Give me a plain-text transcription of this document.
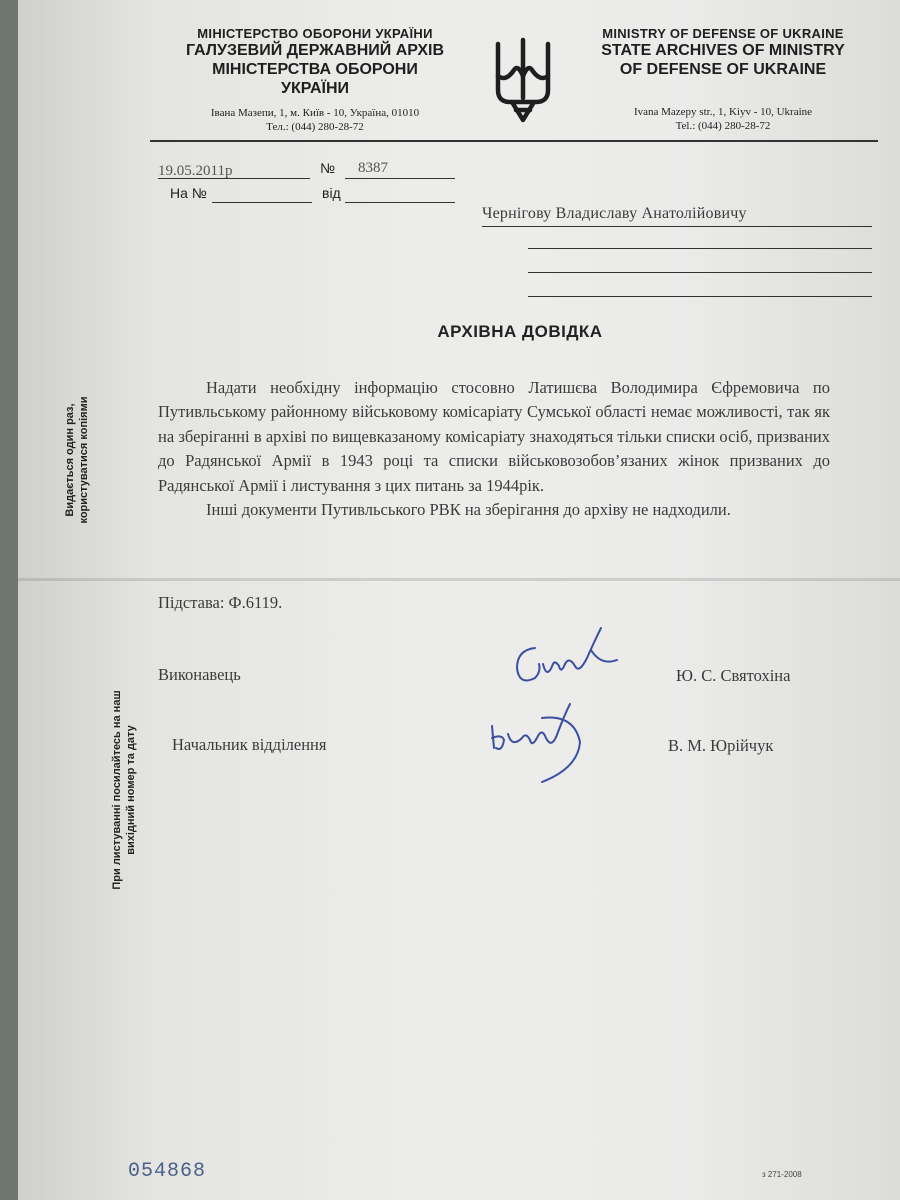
МІНІСТЕРСТВО ОБОРОНИ УКРАЇНИ
ГАЛУЗЕВИЙ ДЕРЖАВНИЙ АРХІВ
МІНІСТЕРСТВА ОБОРОНИ
УКРАЇНИ
Івана Мазепи, 1, м. Київ - 10, Україна, 01010
Тел.: (044) 280-28-72
MINISTRY OF DEFENSE OF UKRAINE
STATE ARCHIVES OF MINISTRY
OF DEFENSE OF UKRAINE
Ivana Mazepy str., 1, Kiyv - 10, Ukraine
Tel.: (044) 280-28-72
19.05.2011р	№ 8387
На №	від
Чернігову Владиславу Анатолійовичу
АРХІВНА ДОВІДКА

Надати необхідну інформацію стосовно Латишєва Володимира Єфремовича по Путивльському районному військовому комісаріату Сумської області немає можливості, так як на зберіганні в архіві по вищевказаному комісаріату знаходяться тільки списки осіб, призваних до Радянської Армії в 1943 році та списки військовозобов’язаних жінок призваних до Радянської Армії і листування з цих питань за 1944рік.

Інші документи Путивльського РВК на зберігання до архіву не надходили.

Підстава: Ф.6119.
Виконавець	Ю. С. Святохіна
Начальник відділення	В. М. Юрійчук
Видається один раз, користуватися копіями
При листуванні посилайтесь на наш вихідний номер та дату
054868	з 271-2008
